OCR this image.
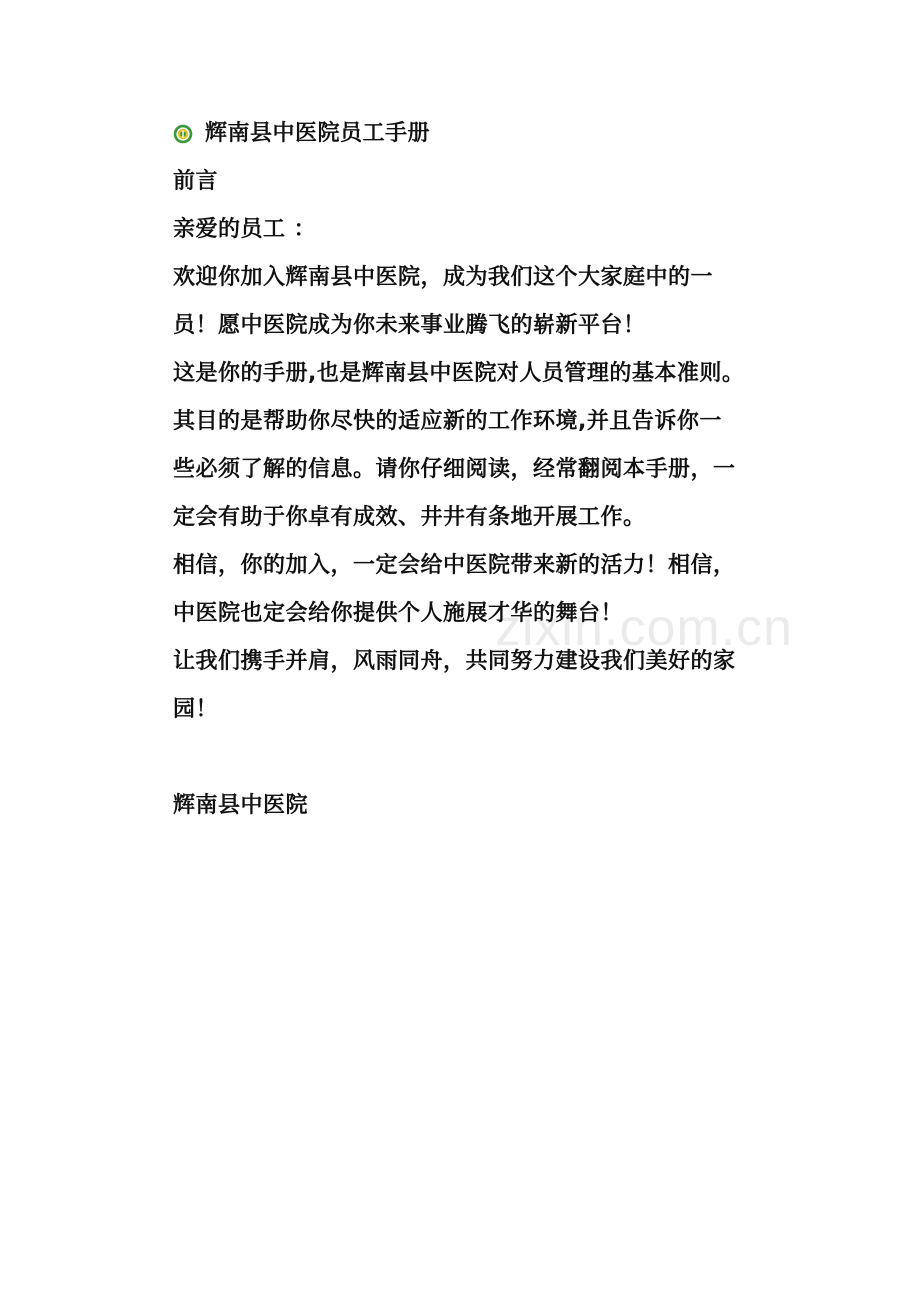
辉南县中医院员工手册
前言
亲爱的员工 ：
欢迎你加入辉南县中医院，成为我们这个大家庭中的一
员！愿中医院成为你未来事业腾飞的崭新平台！
这是你的手册,也是辉南县中医院对人员管理的基本准则。
其目的是帮助你尽快的适应新的工作环境,并且告诉你一
些必须了解的信息。请你仔细阅读，经常翻阅本手册，一
定会有助于你卓有成效、井井有条地开展工作。
相信，你的加入，一定会给中医院带来新的活力！相信，
中医院也定会给你提供个人施展才华的舞台！
让我们携手并肩，风雨同舟，共同努力建设我们美好的家
园！
辉南县中医院
zixin.com.cn
